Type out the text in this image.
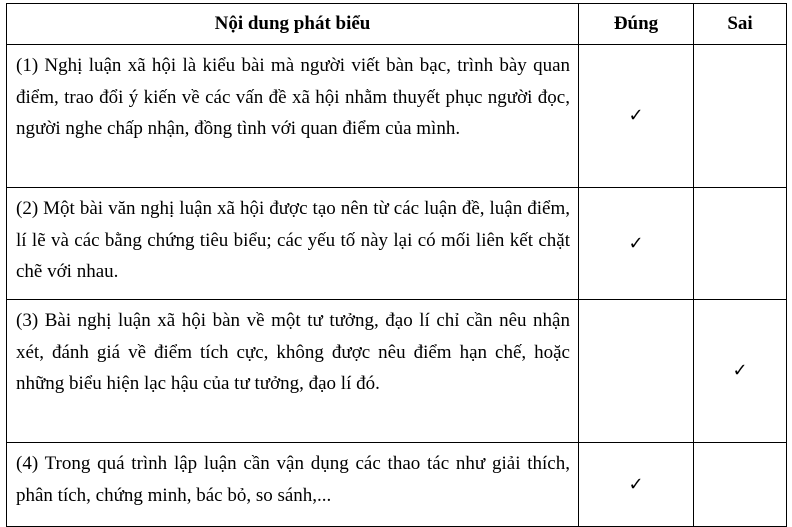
Nội dung phát biểu	Đúng	Sai
(1) Nghị luận xã hội là kiểu bài mà người viết bàn bạc, trình bày quan điểm, trao đổi ý kiến về các vấn đề xã hội nhằm thuyết phục người đọc, người nghe chấp nhận, đồng tình với quan điểm của mình.	✓	
(2) Một bài văn nghị luận xã hội được tạo nên từ các luận đề, luận điểm, lí lẽ và các bằng chứng tiêu biểu; các yếu tố này lại có mối liên kết chặt chẽ với nhau.	✓	
(3) Bài nghị luận xã hội bàn về một tư tưởng, đạo lí chỉ cần nêu nhận xét, đánh giá về điểm tích cực, không được nêu điểm hạn chế, hoặc những biểu hiện lạc hậu của tư tưởng, đạo lí đó.		✓
(4) Trong quá trình lập luận cần vận dụng các thao tác như giải thích, phân tích, chứng minh, bác bỏ, so sánh,...	✓	
